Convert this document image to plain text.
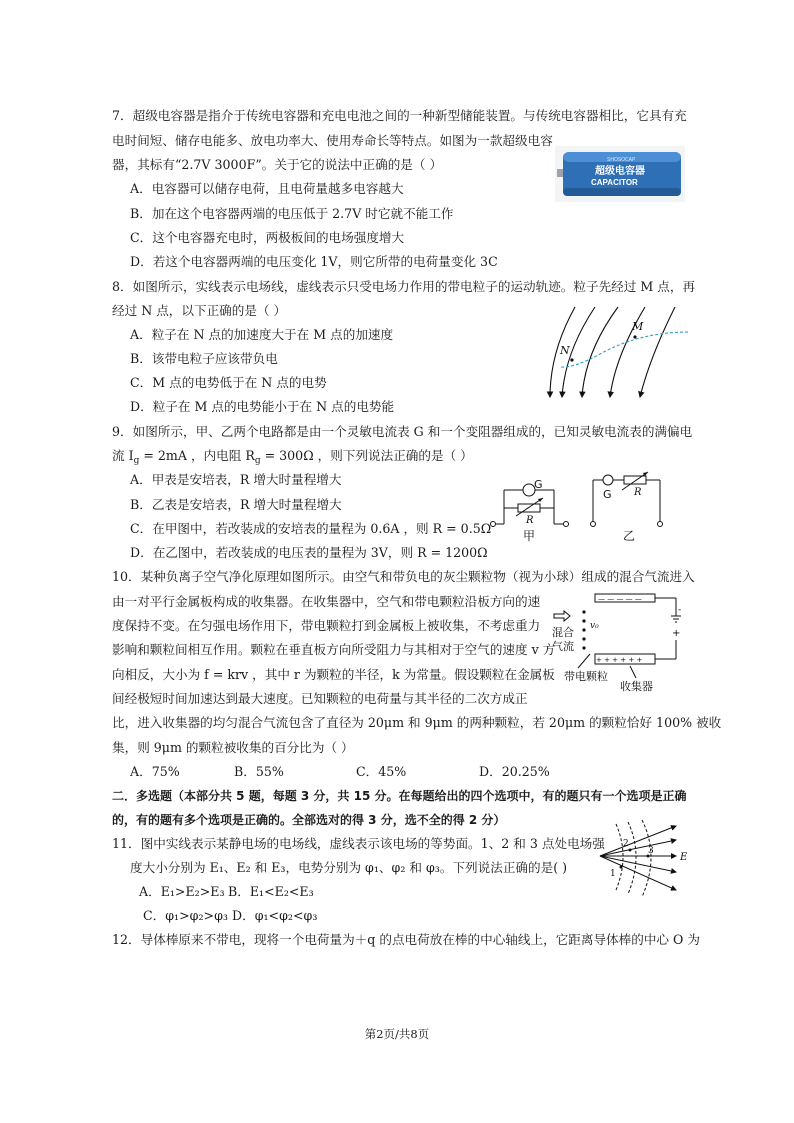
7．超级电容器是指介于传统电容器和充电电池之间的一种新型储能装置。与传统电容器相比，它具有充
电时间短、储存电能多、放电功率大、使用寿命长等特点。如图为一款超级电容
器，其标有“2.7V 3000F”。关于它的说法中正确的是（ ）
A．电容器可以储存电荷，且电荷量越多电容越大
B．加在这个电容器两端的电压低于 2.7V 时它就不能工作
C．这个电容器充电时，两极板间的电场强度增大
D．若这个电容器两端的电压变化 1V，则它所带的电荷量变化 3C
SHOSOCAP
超级电容器
CAPACITOR
8．如图所示，实线表示电场线，虚线表示只受电场力作用的带电粒子的运动轨迹。粒子先经过 M 点，再
经过 N 点，以下正确的是（ ）
A．粒子在 N 点的加速度大于在 M 点的加速度
B．该带电粒子应该带负电
C．M 点的电势低于在 N 点的电势
D．粒子在 M 点的电势能小于在 N 点的电势能
M
N
9．如图所示，甲、乙两个电路都是由一个灵敏电流表 G 和一个变阻器组成的，已知灵敏电流表的满偏电
流 $I_g = 2mA$ ，内电阻 $R_g = 300\Omega$ ，则下列说法正确的是（ ）
A．甲表是安培表，R 增大时量程增大
B．乙表是安培表，R 增大时量程增大
C．在甲图中，若改装成的安培表的量程为 0.6A ，则 R = 0.5Ω
D．在乙图中，若改装成的电压表的量程为 3V，则 R = 1200Ω
G
R
甲
G R
乙
10．某种负离子空气净化原理如图所示。由空气和带负电的灰尘颗粒物（视为小球）组成的混合气流进入
由一对平行金属板构成的收集器。在收集器中，空气和带电颗粒沿板方向的速
度保持不变。在匀强电场作用下，带电颗粒打到金属板上被收集，不考虑重力
影响和颗粒间相互作用。颗粒在垂直板方向所受阻力与其相对于空气的速度 v 方
向相反，大小为 f = krv ，其中 r 为颗粒的半径，k 为常量。假设颗粒在金属板
间经极短时间加速达到最大速度。已知颗粒的电荷量与其半径的二次方成正
比，进入收集器的均匀混合气流包含了直径为 20μm 和 9μm 的两种颗粒，若 20μm 的颗粒恰好 100% 被收
集，则 9μm 的颗粒被收集的百分比为（ ）
A．75%	B．55%	C．45%	D．20.25%
— — — — —
+ + + + + +
+
-
v₀
混合
气流
带电颗粒
收集器
二．多选题（本部分共 5 题，每题 3 分，共 15 分。在每题给出的四个选项中，有的题只有一个选项是正确
的，有的题有多个选项是正确的。全部选对的得 3 分，选不全的得 2 分）
11．图中实线表示某静电场的电场线，虚线表示该电场的等势面。1、2 和 3 点处电场强
度大小分别为 E₁、E₂ 和 E₃，电势分别为 φ₁、φ₂ 和 φ₃。下列说法正确的是( )
A．E₁>E₂>E₃ B．E₁<E₂<E₃
C．φ₁>φ₂>φ₃ D．φ₁<φ₂<φ₃
1
2
3
E
12．导体棒原来不带电，现将一个电荷量为＋q 的点电荷放在棒的中心轴线上，它距离导体棒的中心 O 为
第2页/共8页
